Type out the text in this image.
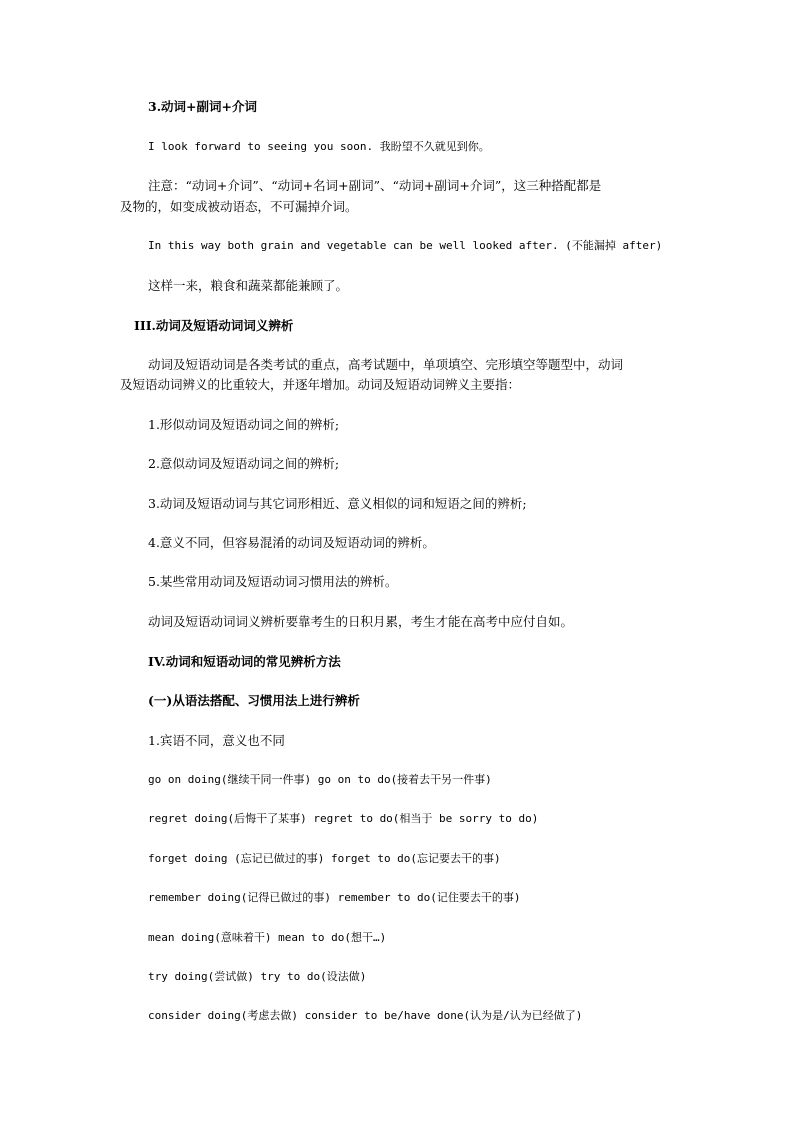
3.动词+副词+介词
I look forward to seeing you soon. 我盼望不久就见到你。
注意：“动词+介词”、“动词+名词+副词”、“动词+副词+介词”，这三种搭配都是
及物的，如变成被动语态，不可漏掉介词。
In this way both grain and vegetable can be well looked after. (不能漏掉 after)
这样一来，粮食和蔬菜都能兼顾了。
III.动词及短语动词词义辨析
动词及短语动词是各类考试的重点，高考试题中，单项填空、完形填空等题型中，动词
及短语动词辨义的比重较大，并逐年增加。动词及短语动词辨义主要指：
1.形似动词及短语动词之间的辨析;
2.意似动词及短语动词之间的辨析;
3.动词及短语动词与其它词形相近、意义相似的词和短语之间的辨析;
4.意义不同，但容易混淆的动词及短语动词的辨析。
5.某些常用动词及短语动词习惯用法的辨析。
动词及短语动词词义辨析要靠考生的日积月累，考生才能在高考中应付自如。
IV.动词和短语动词的常见辨析方法
(一)从语法搭配、习惯用法上进行辨析
1.宾语不同，意义也不同
go on doing(继续干同一件事) go on to do(接着去干另一件事)
regret doing(后悔干了某事) regret to do(相当于 be sorry to do)
forget doing (忘记已做过的事) forget to do(忘记要去干的事)
remember doing(记得已做过的事) remember to do(记住要去干的事)
mean doing(意味着干) mean to do(想干…)
try doing(尝试做) try to do(设法做)
consider doing(考虑去做) consider to be/have done(认为是/认为已经做了)
